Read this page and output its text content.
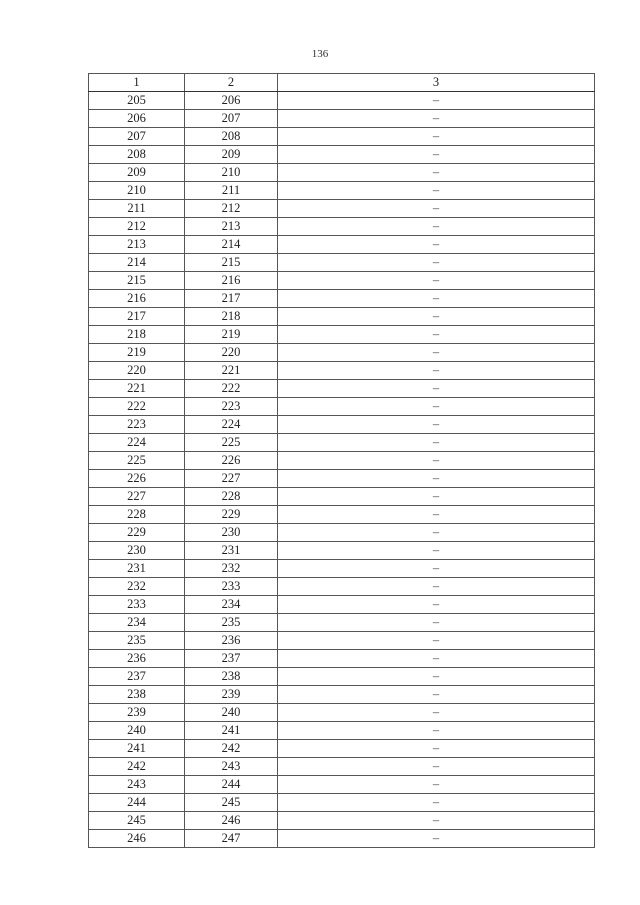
136
1	2	3
205	206	–
206	207	–
207	208	–
208	209	–
209	210	–
210	211	–
211	212	–
212	213	–
213	214	–
214	215	–
215	216	–
216	217	–
217	218	–
218	219	–
219	220	–
220	221	–
221	222	–
222	223	–
223	224	–
224	225	–
225	226	–
226	227	–
227	228	–
228	229	–
229	230	–
230	231	–
231	232	–
232	233	–
233	234	–
234	235	–
235	236	–
236	237	–
237	238	–
238	239	–
239	240	–
240	241	–
241	242	–
242	243	–
243	244	–
244	245	–
245	246	–
246	247	–
